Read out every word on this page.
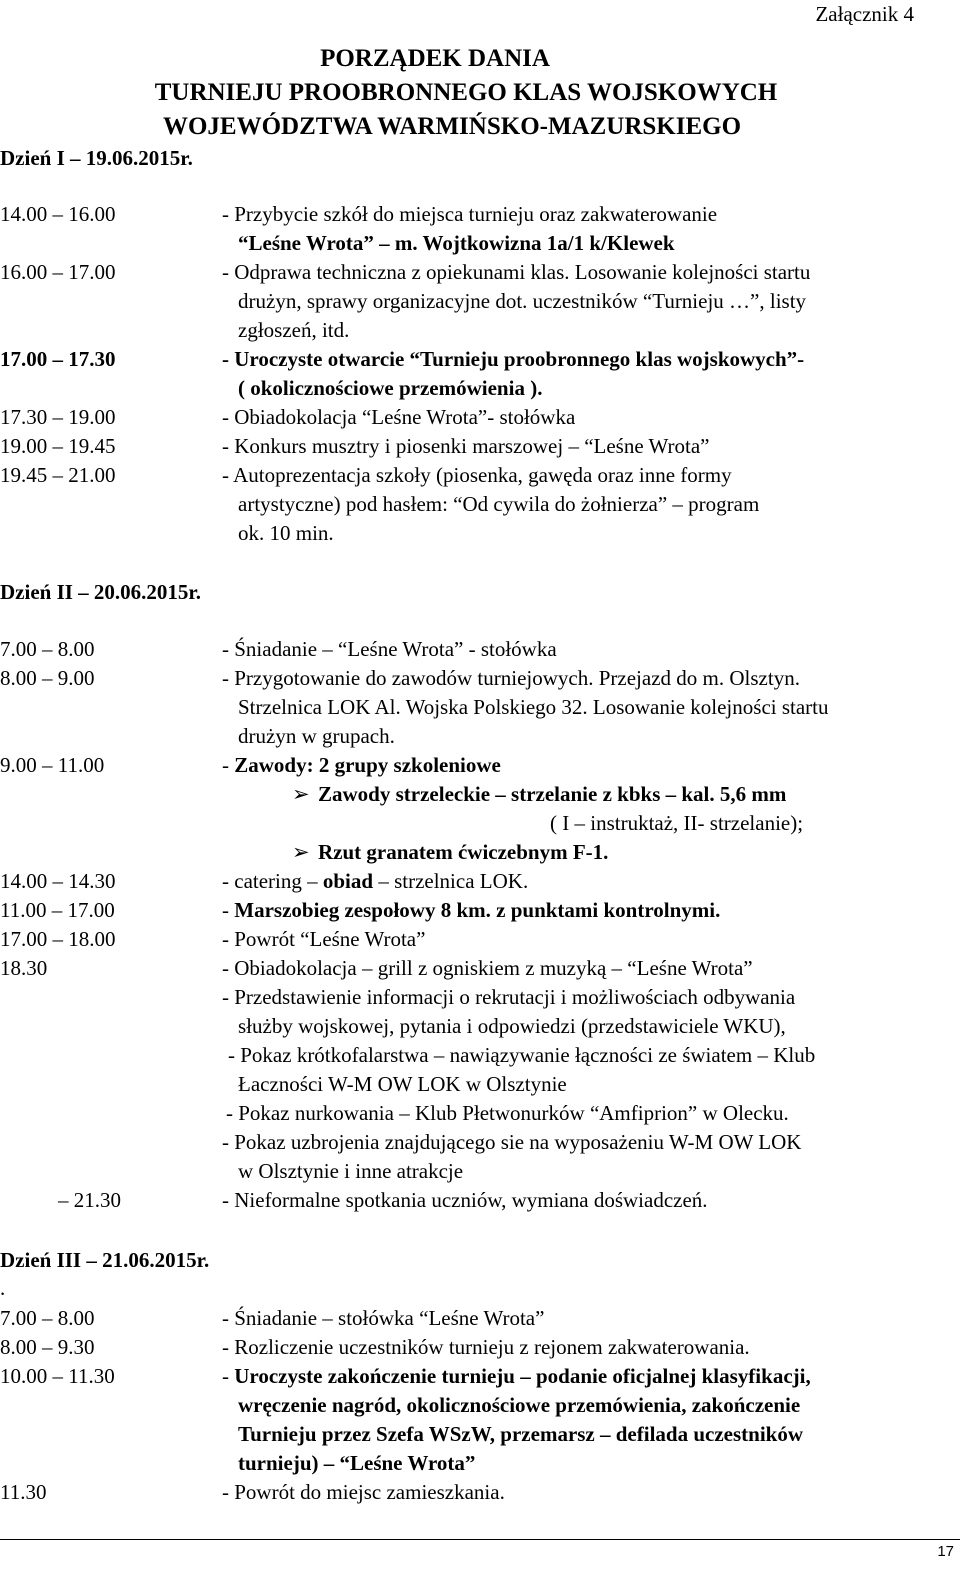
Załącznik 4
PORZĄDEK DANIA
TURNIEJU PROOBRONNEGO KLAS WOJSKOWYCH
WOJEWÓDZTWA WARMIŃSKO-MAZURSKIEGO
Dzień I – 19.06.2015r.
14.00 – 16.00	- Przybycie szkół do miejsca turnieju oraz zakwaterowanie
“Leśne Wrota” – m. Wojtkowizna 1a/1 k/Klewek
16.00 – 17.00	- Odprawa techniczna z opiekunami klas. Losowanie kolejności startu
drużyn, sprawy organizacyjne dot. uczestników “Turnieju …”, listy
zgłoszeń, itd.
17.00 – 17.30	- Uroczyste otwarcie “Turnieju proobronnego klas wojskowych”-
( okolicznościowe przemówienia ).
17.30 – 19.00	- Obiadokolacja “Leśne Wrota”- stołówka
19.00 – 19.45	- Konkurs musztry i piosenki marszowej – “Leśne Wrota”
19.45 – 21.00	- Autoprezentacja szkoły (piosenka, gawęda oraz inne formy
artystyczne) pod hasłem: “Od cywila do żołnierza” – program
ok. 10 min.
Dzień II – 20.06.2015r.
7.00 – 8.00	- Śniadanie – “Leśne Wrota” - stołówka
8.00 – 9.00	- Przygotowanie do zawodów turniejowych. Przejazd do m. Olsztyn.
Strzelnica LOK Al. Wojska Polskiego 32. Losowanie kolejności startu
drużyn w grupach.
9.00 – 11.00	- Zawody: 2 grupy szkoleniowe
➢ Zawody strzeleckie – strzelanie z kbks – kal. 5,6 mm
( I – instruktaż, II- strzelanie);
➢ Rzut granatem ćwiczebnym F-1.
14.00 – 14.30	- catering – obiad – strzelnica LOK.
11.00 – 17.00	- Marszobieg zespołowy 8 km. z punktami kontrolnymi.
17.00 – 18.00	- Powrót “Leśne Wrota”
18.30	- Obiadokolacja – grill z ogniskiem z muzyką – “Leśne Wrota”
- Przedstawienie informacji o rekrutacji i możliwościach odbywania
służby wojskowej, pytania i odpowiedzi (przedstawiciele WKU),
- Pokaz krótkofalarstwa – nawiązywanie łączności ze światem – Klub
Łaczności W-M OW LOK w Olsztynie
- Pokaz nurkowania – Klub Płetwonurków “Amfiprion” w Olecku.
- Pokaz uzbrojenia znajdującego sie na wyposażeniu W-M OW LOK
w Olsztynie i inne atrakcje
– 21.30	- Nieformalne spotkania uczniów, wymiana doświadczeń.
Dzień III – 21.06.2015r.
.
7.00 – 8.00	- Śniadanie – stołówka “Leśne Wrota”
8.00 – 9.30	- Rozliczenie uczestników turnieju z rejonem zakwaterowania.
10.00 – 11.30	- Uroczyste zakończenie turnieju – podanie oficjalnej klasyfikacji,
wręczenie nagród, okolicznościowe przemówienia, zakończenie
Turnieju przez Szefa WSzW, przemarsz – defilada uczestników
turnieju) – “Leśne Wrota”
11.30	- Powrót do miejsc zamieszkania.
17
